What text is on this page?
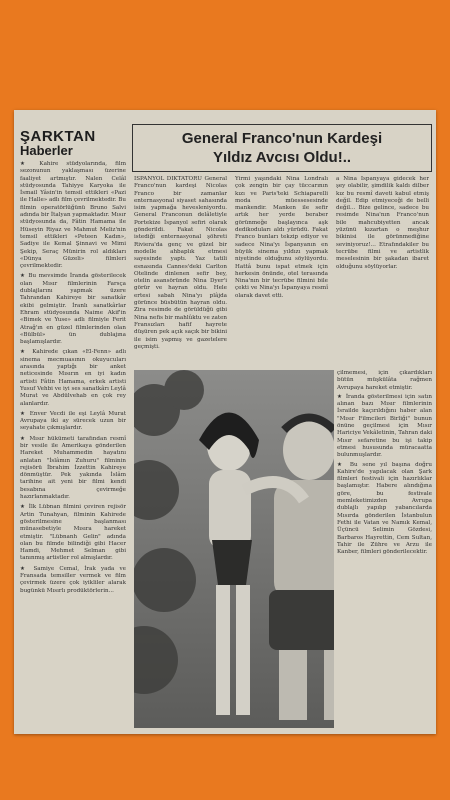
ŞARKTAN
Haberler

★ Kahire stüdyolarında, film sezonunun yaklaşması üzerine faaliyet artmıştır. Nalen Celâl stüdyosunda Tahiyye Karyoka ile İsmail Yâsin'in temsil ettikleri «Pazi ile Halle» adlı film çevrilmektedir. Bu filmin operatörlüğünü Bruno Salvi adında bir İtalyan yapmaktadır. Mısır stüdyosunda da, Fâtin Hamama ile Hüseyin Riyaz ve Mahmut Meliz'nin temsil ettikleri «Peteen Kadın», Sadiye ile Kemal Şinnavi ve Mimi Şekip, Seraç Münirin rol aldıkları «Dünya Güzeli» filmleri çevrilmektedir.

★ Bu mevsimde İranda gösterilecek olan Mısır filmlerinin Farsça dublajlarını yapmak üzere Tahrandan Kahireye bir sanatkâr ekibi gelmiştir. İranlı sanatkârlar Ehram stüdyosunda Naime Akif'in «Bimek ve Yuse» adlı filmiyle Ferit Atrağ'ın en güzel filmlerinden olan «Bülbül» ün dublajına başlamışlardır.

★ Kahirede çıkan «El-Fenn» adlı sinema mecmuasının okuyucuları arasında yaptığı bir anket neticesinde Mısırın en iyi kadın artisti Fâtin Hamama, erkek artisti Yusuf Vehbi ve iyi ses sanatkârı Leylâ Murat ve Abdülvehab en çok rey alanlardır.

★ Enver Vecdi ile eşi Leylâ Murat Avrupaya iki ay sürecek uzun bir seyahate çıkmışlardır.

★ Mısır hükümeti tarafından resmî bir vesile ile Amerikaya gönderilen Hareket Muhammedin hayatını anlatan "İslâmın Zuhuru" filminin rejisörü İbrahim İzzettin Kahireye dönmüştür. Pek yakında İslâm tarihine ait yeni bir filmi kendi besabına çevirmeğe hazırlanmaktadır.

★ İlk Lübnan filmini çeviren rejisör Artin Tunahyan, filminin Kahirede gösterilmesine başlanması münasebetiyle Mısıra hareket etmiştir. "Lübnanh Gelin" adında olan bu filmde bilindiği gibi Hacer Hamdi, Mehmet Selman gibi tanınmış artistler rol almışlardır.

★ Samiye Cemal, İrak yada ve Fransada temsiller vermek ve film çevirmek üzere çok iyikliler alarak bugünkü Mısırlı prodüktörlerin...

General Franco'nun Kardeşi
Yıldız Avcısı Oldu!..

İSPANYOL DİKTATÖRÜ General Franco'nun kardeşi Nicolas Franco bir zamanlar enternasyonal siyaset sahasında isim yapmağa hevesleniyordu. General Franconun delâletiyle Portekize İspanyol sefiri olarak gönderildi. Fakat Nicolas istediği enternasyonal şöhreti Riviera'da genç ve güzel bir modelle ahbaplık etmesi sayesinde yaptı. Yaz tatili esnasında Cannes'deki Carlton Otelinde dinlenen sefir bey, otelin asansöründe Nina Dyer'i görür ve hayran oldu. Hele ertesi sabah Nina'yı plâjda görünce büsbütün hayran oldu. Zira resimde de görüldüğü gibi Nina nefis bir mahlûktu ve zaten Fransızları hafif hayrete düşüren pek açık saçık bir bikini ile isim yapmış ve gazetelere geçmişti.

Yirmi yaşındaki Nina Londralı çok zengin bir çay tüccarının kızı ve Paris'teki Schiaparelli moda müessesesinde mankendir. Manken ile sefir artık her yerde beraber görünmeğe başlayınca aşk dedikoduları aldı yürüdü. Fakat Franco bunları tekzip ediyor ve sadece Nina'yı İspanyanın en büyük sinema yıldızı yapmak niyetinde olduğunu söylüyordu. Hattâ bunu ispat etmek için herkesin önünde, otel terasında Nina'nın bir tecrübe filmini bile çekti ve Nina'yı İspanyaya resmî olarak davet etti.

a Nina İspanyaya gidecek her şey olabilir, şimdilik kaldı dilber kız bu resmî daveti kabul etmiş değil. Edip etmiyeceği de belli değil... Bize gelince, sadece bu resimde Nina'nın Franco'nun bile mahcubiyetten ancak yüzünü kızartan o meşhur bikinisi ile görünmediğine seviniyoruz!... Etrafındakiler bu tecrübe filmi ve artistlik meselesinin bir şakadan ibaret olduğunu söylüyorlar.

çilmemesi, için çıkardıkları bütün müşkülâta rağmen Avrupaya hareket etmiştir.

★ İranda gösterilmesi için satın alınan bazı Mısır filmlerinin İsrailde kaçırıldığını haber alan "Mısır Filmcileri Birliği" bunun önüne geçilmesi için Mısır Hariciye Vekâletinin, Tahran daki Mısır sefaretine bu işi takip etmesi hususunda müracaatta bulunmuşlardır.

★ Bu sene yıl başına doğru Kahire'de yapılacak olan Şark filmleri festivali için hazırlıklar başlamıştır. Habere alındığına göre, bu festivale memleketimizden Avrupa dublajlı yapılıp yabancılarda Mısırda gönderilen İstanbulun Fethi ile Vatan ve Namık Kemal, Üçüncü Selimin Gözdesi, Barbaros Hayrettin, Cem Sultan, Tahir ile Zühre ve Arzu ile Kanber, filmleri gönderilecektir.
